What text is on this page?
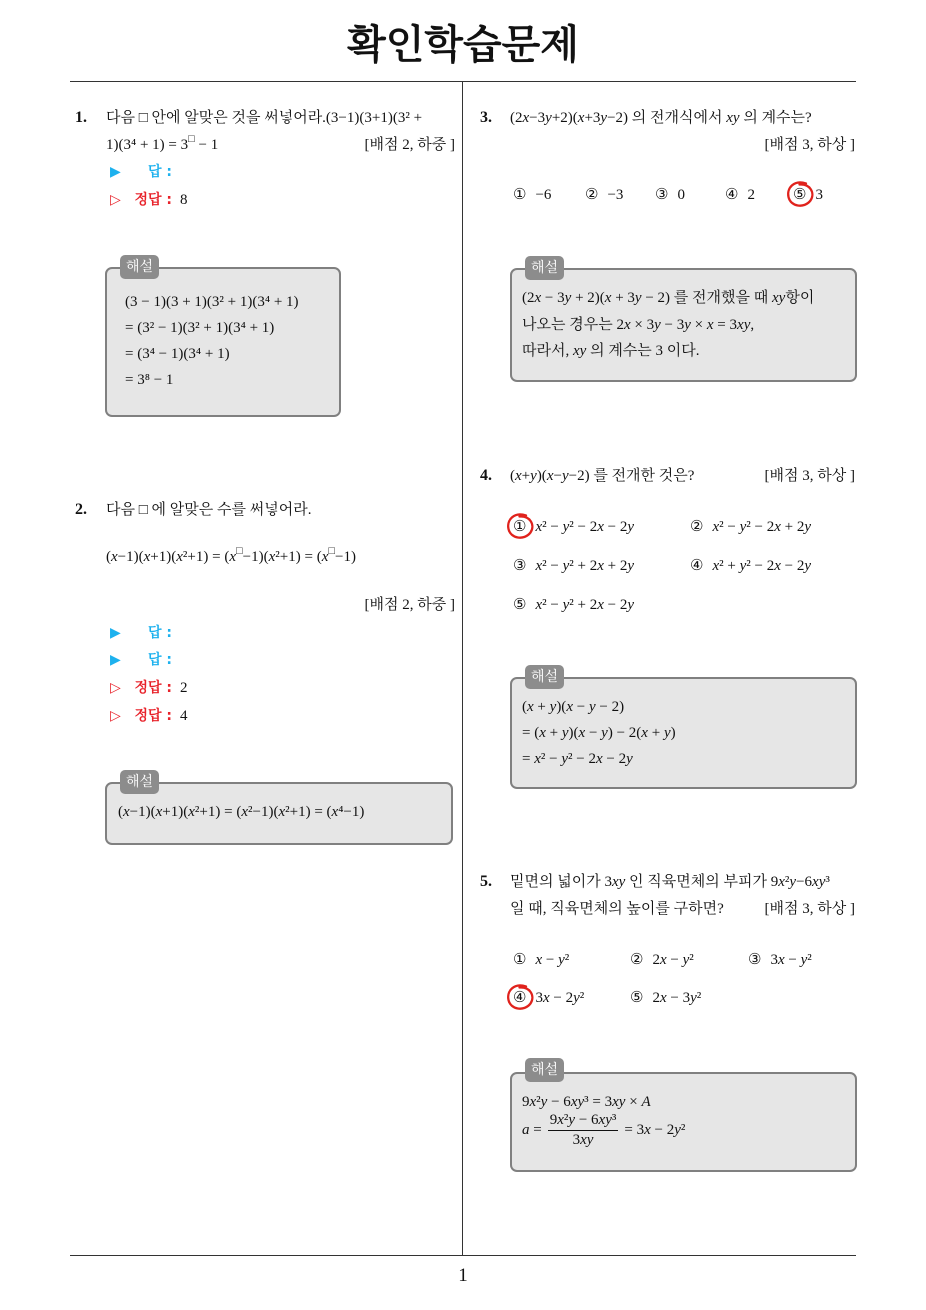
확인학습문제
1. 다음 □ 안에 알맞은 것을 써넣어라.(3−1)(3+1)(3² +
1)(3⁴ + 1) = 3□ − 1	[배점 2, 하중 ]
▶	답 :
▷ 정답 : 8
(3 − 1)(3 + 1)(3² + 1)(3⁴ + 1)
= (3² − 1)(3² + 1)(3⁴ + 1)
= (3⁴ − 1)(3⁴ + 1)
= 3⁸ − 1
해설
2. 다음 □ 에 알맞은 수를 써넣어라.
(x−1)(x+1)(x²+1) = (x□−1)(x²+1) = (x□−1)
[배점 2, 하중 ]
▶	답 :
▶	답 :
▷ 정답 : 2
▷ 정답 : 4
(x−1)(x+1)(x²+1) = (x²−1)(x²+1) = (x⁴−1)
해설
3. (2x−3y+2)(x+3y−2) 의 전개식에서 xy 의 계수는?
[배점 3, 하상 ]
① −6 ② −3 ③ 0	④ 2	⑤ 3
(2x − 3y + 2)(x + 3y − 2) 를 전개했을 때 xy항이
나오는 경우는 2x × 3y − 3y × x = 3xy,
따라서, xy 의 계수는 3 이다.
해설
4. (x+y)(x−y−2) 를 전개한 것은?	[배점 3, 하상 ]
① x² − y² − 2x − 2y	② x² − y² − 2x + 2y
③ x² − y² + 2x + 2y	④ x² + y² − 2x − 2y
⑤ x² − y² + 2x − 2y
(x + y)(x − y − 2)
= (x + y)(x − y) − 2(x + y)
= x² − y² − 2x − 2y
해설
5. 밑면의 넓이가 3xy 인 직육면체의 부피가 9x²y−6xy³
일 때, 직육면체의 높이를 구하면?	[배점 3, 하상 ]
① x − y²	② 2x − y²	③ 3x − y²
④ 3x − 2y²	⑤ 2x − 3y²
9x²y − 6xy³ = 3xy × A
$a = \frac{\text{9x²y − 6xy³}}{3xy} = 3x - 2y^2$
해설
1
